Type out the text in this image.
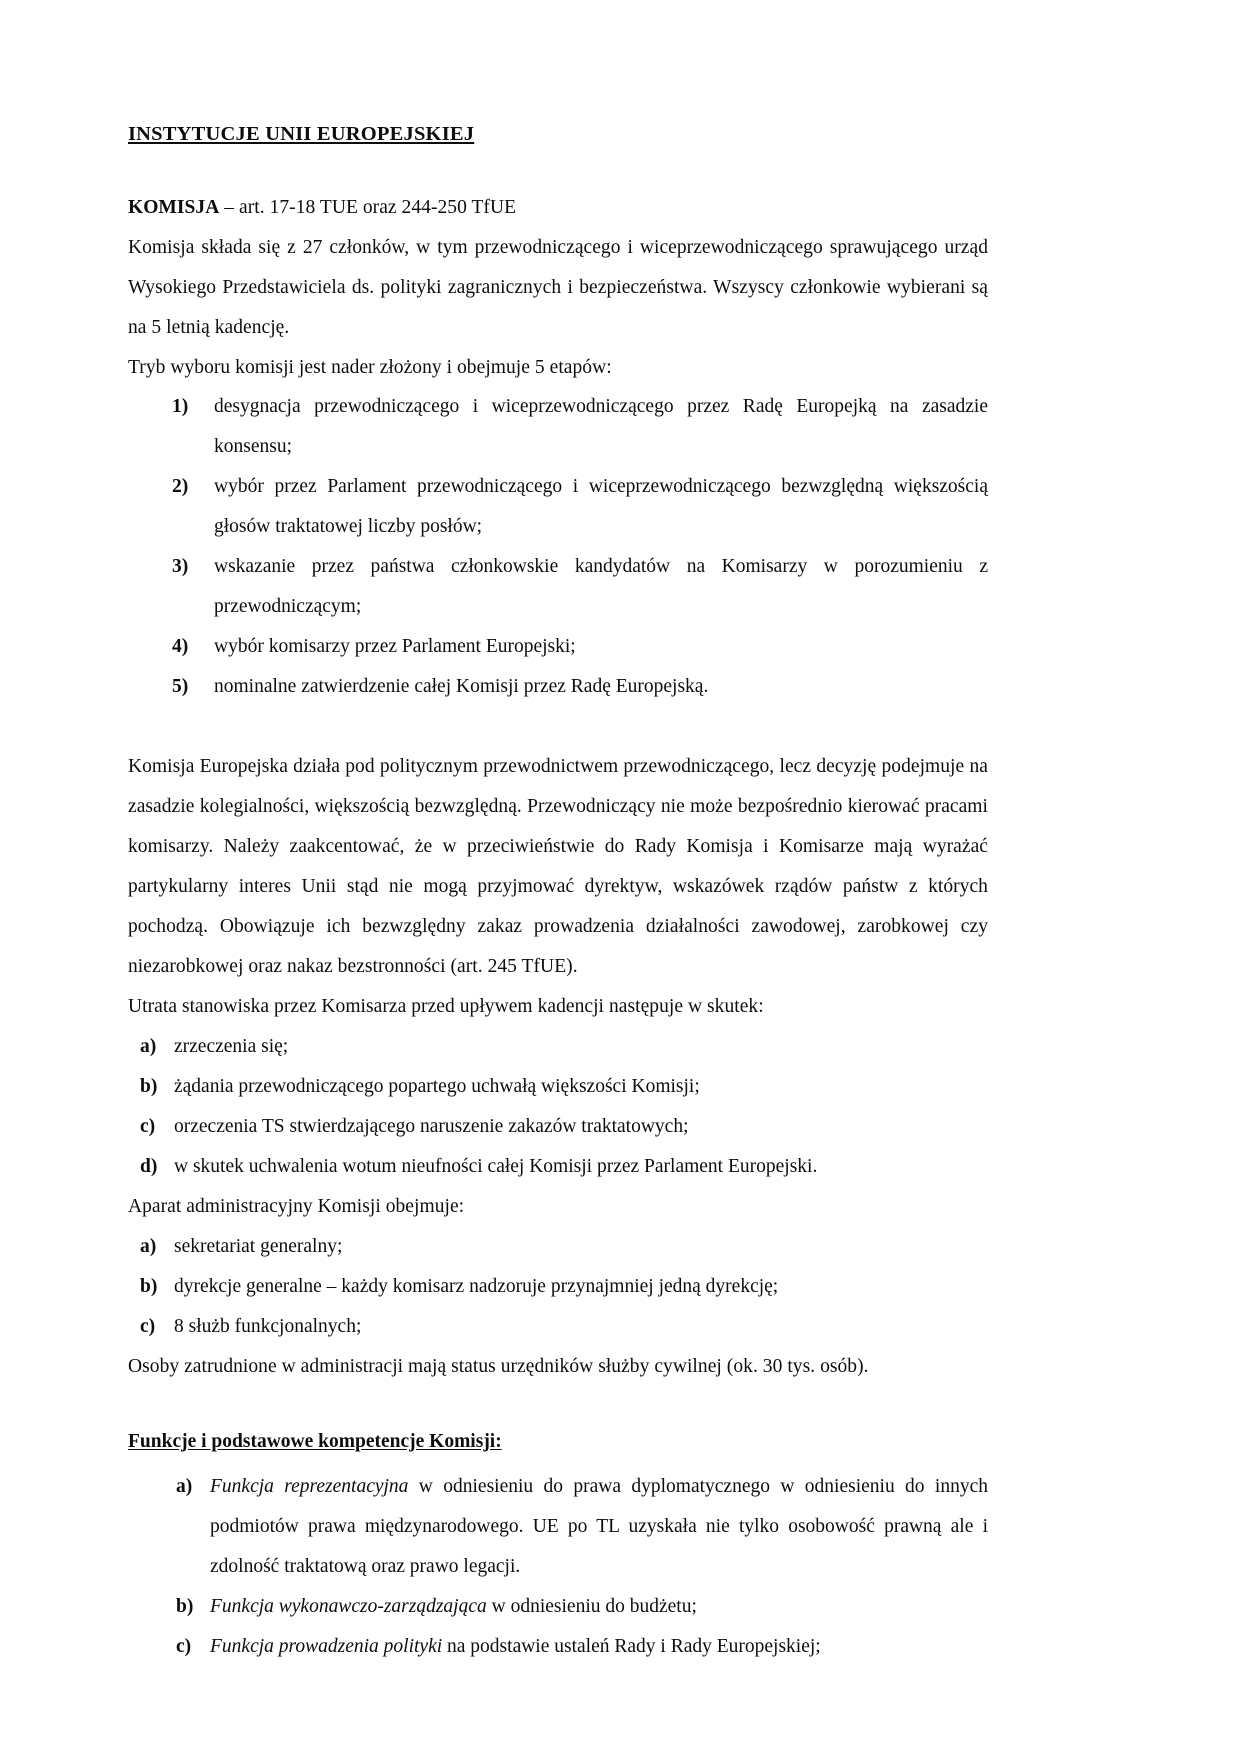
INSTYTUCJE UNII EUROPEJSKIEJ

KOMISJA – art. 17-18 TUE oraz 244-250 TfUE

Komisja składa się z 27 członków, w tym przewodniczącego i wiceprzewodniczącego sprawującego urząd Wysokiego Przedstawiciela ds. polityki zagranicznych i bezpieczeństwa. Wszyscy członkowie wybierani są na 5 letnią kadencję.

Tryb wyboru komisji jest nader złożony i obejmuje 5 etapów:

1)	desygnacja przewodniczącego i wiceprzewodniczącego przez Radę Europejką na zasadzie konsensu;
2)	wybór przez Parlament przewodniczącego i wiceprzewodniczącego bezwzględną większością głosów traktatowej liczby posłów;
3)	wskazanie przez państwa członkowskie kandydatów na Komisarzy w porozumieniu z przewodniczącym;
4)	wybór komisarzy przez Parlament Europejski;
5)	nominalne zatwierdzenie całej Komisji przez Radę Europejską.

Komisja Europejska działa pod politycznym przewodnictwem przewodniczącego, lecz decyzję podejmuje na zasadzie kolegialności, większością bezwzględną. Przewodniczący nie może bezpośrednio kierować pracami komisarzy. Należy zaakcentować, że w przeciwieństwie do Rady Komisja i Komisarze mają wyrażać partykularny interes Unii stąd nie mogą przyjmować dyrektyw, wskazówek rządów państw z których pochodzą. Obowiązuje ich bezwzględny zakaz prowadzenia działalności zawodowej, zarobkowej czy niezarobkowej oraz nakaz bezstronności (art. 245 TfUE).

Utrata stanowiska przez Komisarza przed upływem kadencji następuje w skutek:

a) zrzeczenia się;
b) żądania przewodniczącego popartego uchwałą większości Komisji;
c) orzeczenia TS stwierdzającego naruszenie zakazów traktatowych;
d) w skutek uchwalenia wotum nieufności całej Komisji przez Parlament Europejski.

Aparat administracyjny Komisji obejmuje:

a) sekretariat generalny;
b) dyrekcje generalne – każdy komisarz nadzoruje przynajmniej jedną dyrekcję;
c) 8 służb funkcjonalnych;

Osoby zatrudnione w administracji mają status urzędników służby cywilnej (ok. 30 tys. osób).

Funkcje i podstawowe kompetencje Komisji:
a) Funkcja reprezentacyjna w odniesieniu do prawa dyplomatycznego w odniesieniu do innych podmiotów prawa międzynarodowego. UE po TL uzyskała nie tylko osobowość prawną ale i zdolność traktatową oraz prawo legacji.
b) Funkcja wykonawczo-zarządzająca w odniesieniu do budżetu;
c) Funkcja prowadzenia polityki na podstawie ustaleń Rady i Rady Europejskiej;
